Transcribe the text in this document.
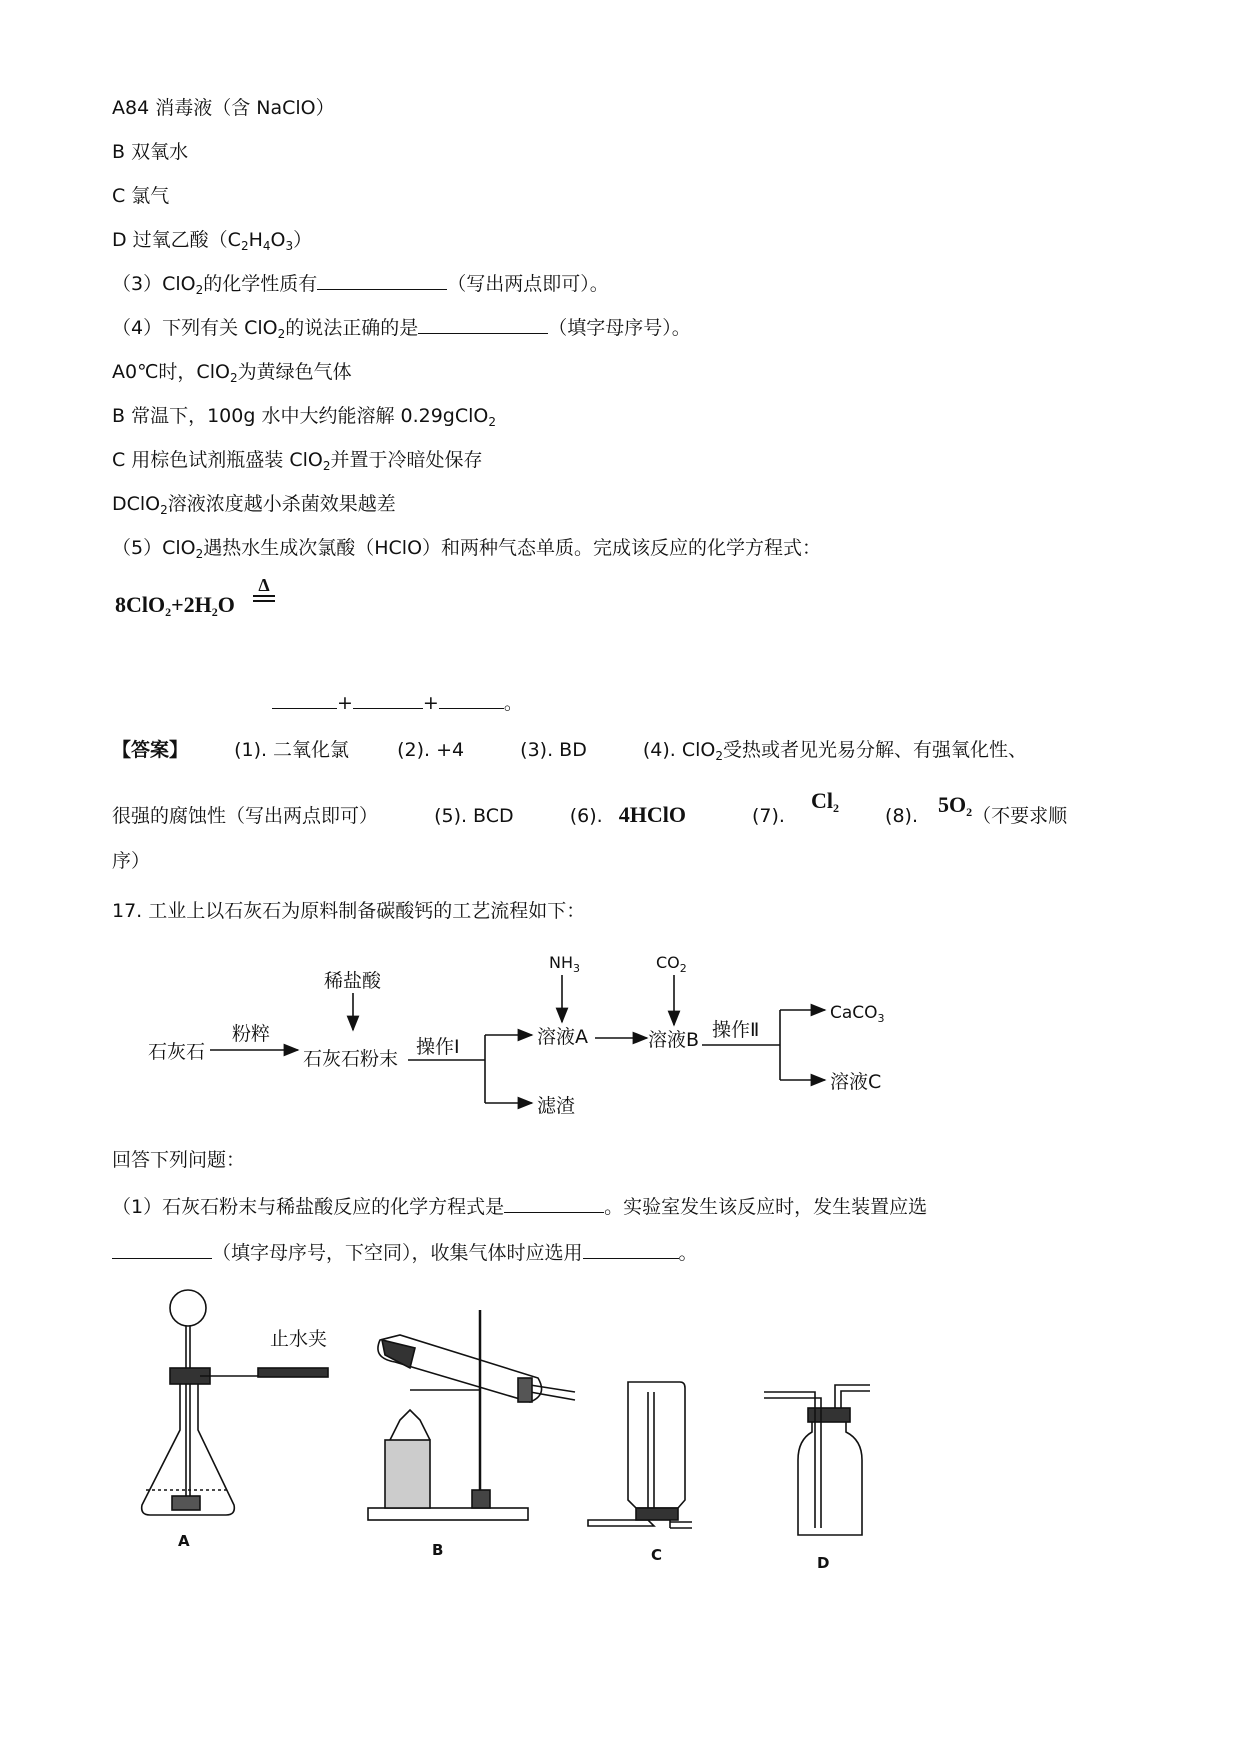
A84 消毒液（含 NaClO）
B 双氧水
C 氯气
D 过氧乙酸$(C_2H_4O_3)$
（3）ClO$_2$的化学性质有	（写出两点即可）。
（4）下列有关 ClO$_2$的说法正确的是	（填字母序号）。
A0℃时，ClO$_2$为黄绿色气体
B 常温下，100g 水中大约能溶解 0.29gClO$_2$
C 用棕色试剂瓶盛装 ClO$_2$并置于冷暗处保存
DClO$_2$溶液浓度越小杀菌效果越差
（5）ClO$_2$遇热水生成次氯酸（HClO）和两种气态单质。完成该反应的化学方程式：
$8ClO_2+2H_2O$
Δ
+	+	。
【答案】 (1). 二氧化氯	(2). +4	(3). BD	(4). ClO$_2$受热或者见光易分解、有强氧化性、
很强的腐蚀性（写出两点即可）	(5). BCD	(6). 4HClO	(7). $Cl_2$ (8). $5O_2$（不要求顺
序）
17. 工业上以石灰石为原料制备碳酸钙的工艺流程如下：
石灰石
粉粹
石灰石粉末
稀盐酸
操作Ⅰ	溶液A
滤渣
$NH_3$	$CO_2$
溶液B 操作Ⅱ
CaCO$_3$
溶液C
止水夹
A	B	C	D
回答下列问题：
（1）石灰石粉末与稀盐酸反应的化学方程式是	。实验室发生该反应时，发生装置应选
（填字母序号，下空同），收集气体时应选用	。
